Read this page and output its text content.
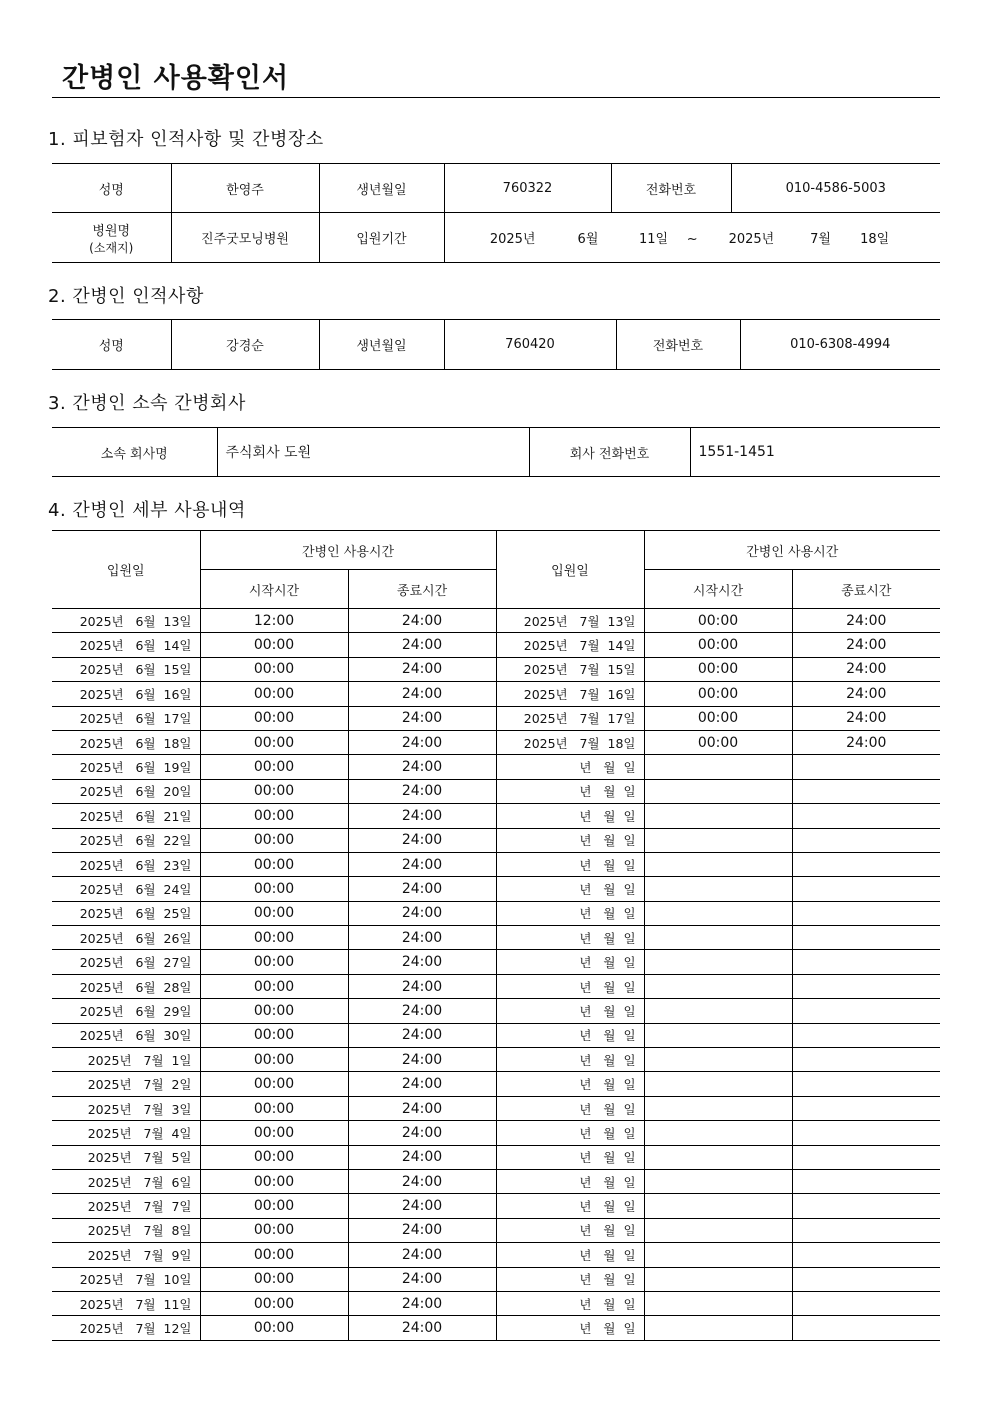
간병인 사용확인서
1. 피보험자 인적사항 및 간병장소
성명	한영주	생년월일	760322	전화번호	010-4586-5003

병원명
(소재지)	진주굿모닝병원	입원기간	2025년 6월 11일 ~ 2025년 7월 18일		
2. 간병인 인적사항
성명	강경순	생년월일	760420	전화번호	010-6308-4994
3. 간병인 소속 간병회사
소속 회사명	주식회사 도원	회사 전화번호	1551-1451
4. 간병인 세부 사용내역
입원일	간병인 사용시간		입원일	간병인 사용시간	
	시작시간	종료시간		시작시간	종료시간
2025년   6월  13일	12:00	24:00	2025년   7월  13일	00:00	24:00
2025년   6월  14일	00:00	24:00	2025년   7월  14일	00:00	24:00
2025년   6월  15일	00:00	24:00	2025년   7월  15일	00:00	24:00
2025년   6월  16일	00:00	24:00	2025년   7월  16일	00:00	24:00
2025년   6월  17일	00:00	24:00	2025년   7월  17일	00:00	24:00
2025년   6월  18일	00:00	24:00	2025년   7월  18일	00:00	24:00
2025년   6월  19일	00:00	24:00	년   월  일		
2025년   6월  20일	00:00	24:00	년   월  일		
2025년   6월  21일	00:00	24:00	년   월  일		
2025년   6월  22일	00:00	24:00	년   월  일		
2025년   6월  23일	00:00	24:00	년   월  일		
2025년   6월  24일	00:00	24:00	년   월  일		
2025년   6월  25일	00:00	24:00	년   월  일		
2025년   6월  26일	00:00	24:00	년   월  일		
2025년   6월  27일	00:00	24:00	년   월  일		
2025년   6월  28일	00:00	24:00	년   월  일		
2025년   6월  29일	00:00	24:00	년   월  일		
2025년   6월  30일	00:00	24:00	년   월  일		
2025년   7월  1일	00:00	24:00	년   월  일		
2025년   7월  2일	00:00	24:00	년   월  일		
2025년   7월  3일	00:00	24:00	년   월  일		
2025년   7월  4일	00:00	24:00	년   월  일		
2025년   7월  5일	00:00	24:00	년   월  일		
2025년   7월  6일	00:00	24:00	년   월  일		
2025년   7월  7일	00:00	24:00	년   월  일		
2025년   7월  8일	00:00	24:00	년   월  일		
2025년   7월  9일	00:00	24:00	년   월  일		
2025년   7월  10일	00:00	24:00	년   월  일		
2025년   7월  11일	00:00	24:00	년   월  일		
2025년   7월  12일	00:00	24:00	년   월  일		
